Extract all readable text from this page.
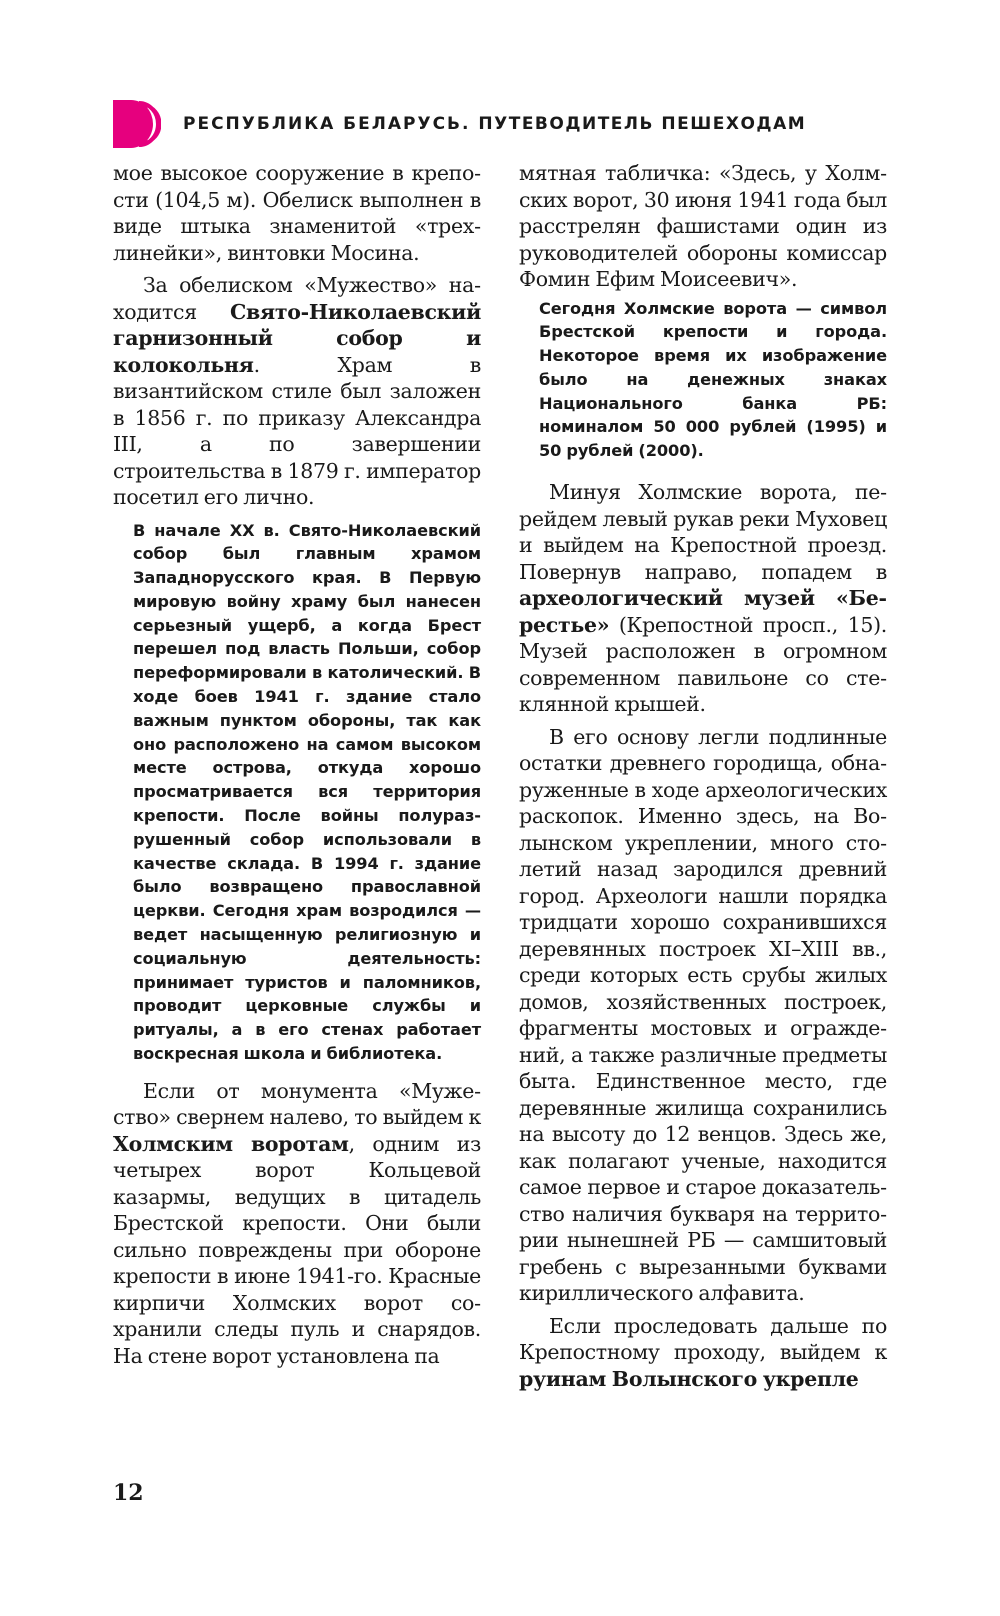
РЕСПУБЛИКА БЕЛАРУСЬ. ПУТЕВОДИТЕЛЬ ПЕШЕХОДАМ

мое высокое сооружение в крепости (104,5 м). Обелиск выполнен в виде штыка знаменитой «трехлинейки», винтовки Мосина.

За обелиском «Мужество» находится Свято-Николаевский гарнизонный собор и колокольня. Храм в византийском стиле был заложен в 1856 г. по приказу Александра III, а по завершении строительства в 1879 г. император посетил его лично.

В начале XX в. Свято-Николаевский собор был главным храмом Западнорусского края. В Первую мировую войну храму был нанесен серьезный ущерб, а когда Брест перешел под власть Польши, собор переформировали в католический. В ходе боев 1941 г. здание стало важным пунктом обороны, так как оно расположено на самом высоком месте острова, откуда хорошо просматривается вся территория крепости. После войны полуразрушенный собор использовали в качестве склада. В 1994 г. здание было возвращено православной церкви. Сегодня храм возродился — ведет насыщенную религиозную и социальную деятельность: принимает туристов и паломников, проводит церковные службы и ритуалы, а в его стенах работает воскресная школа и библиотека.

Если от монумента «Мужество» свернем налево, то выйдем к Холмским воротам, одним из четырех ворот Кольцевой казармы, ведущих в цитадель Брестской крепости. Они были сильно повреждены при обороне крепости в июне 1941-го. Красные кирпичи Холмских ворот сохранили следы пуль и снарядов. На стене ворот установлена па

мятная табличка: «Здесь, у Холмских ворот, 30 июня 1941 года был расстрелян фашистами один из руководителей обороны комиссар Фомин Ефим Моисеевич».

Сегодня Холмские ворота — символ Брестской крепости и города. Некоторое время их изображение было на денежных знаках Национального банка РБ: номиналом 50 000 рублей (1995) и 50 рублей (2000).

Минуя Холмские ворота, перейдем левый рукав реки Муховец и выйдем на Крепостной проезд. Повернув направо, попадем в археологический музей «Берестье» (Крепостной просп., 15). Музей расположен в огромном современном павильоне со стеклянной крышей.

В его основу легли подлинные остатки древнего городища, обнаруженные в ходе археологических раскопок. Именно здесь, на Волынском укреплении, много столетий назад зародился древний город. Археологи нашли порядка тридцати хорошо сохранившихся деревянных построек XI–XIII вв., среди которых есть срубы жилых домов, хозяйственных построек, фрагменты мостовых и ограждений, а также различные предметы быта. Единственное место, где деревянные жилища сохранились на высоту до 12 венцов. Здесь же, как полагают ученые, находится самое первое и старое доказательство наличия букваря на территории нынешней РБ — самшитовый гребень с вырезанными буквами кириллического алфавита.

Если проследовать дальше по Крепостному проходу, выйдем к руинам Волынского укрепле

12
